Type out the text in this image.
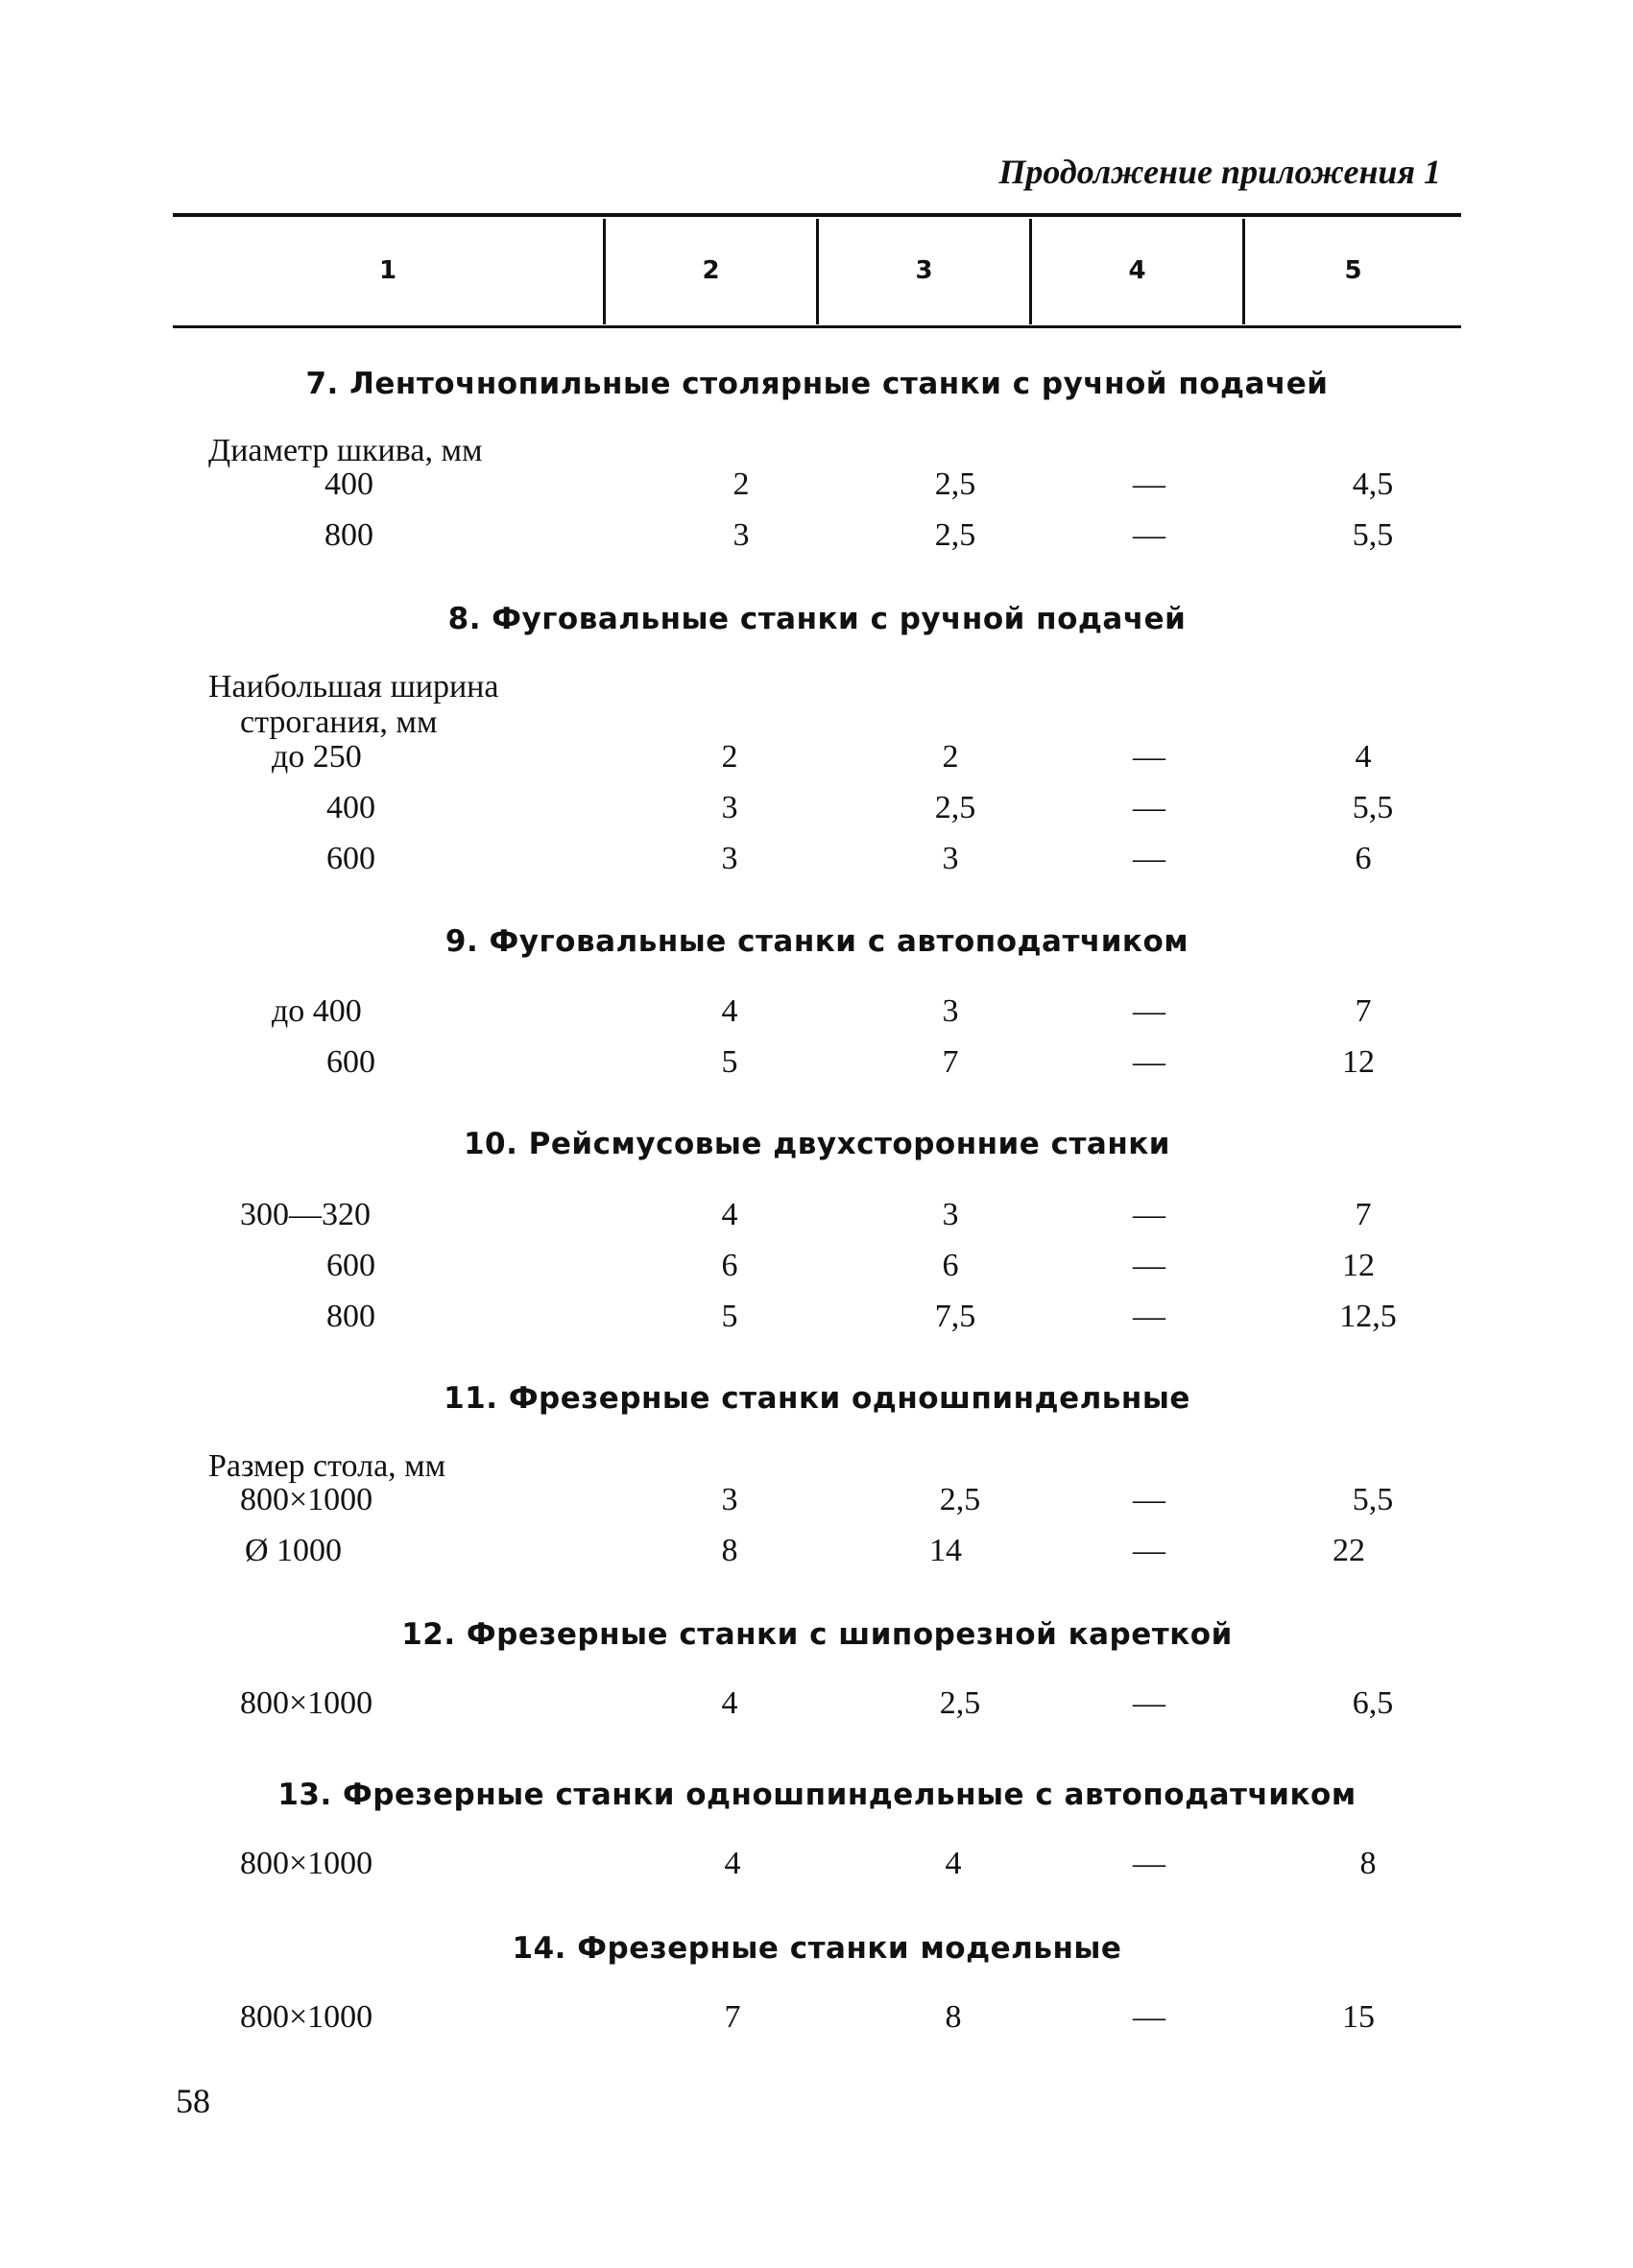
Продолжение приложения 1
1	2	3	4	5
7. Ленточнопильные столярные станки с ручной подачей
Диаметр шкива, мм
400	2	2,5	—	4,5
800	3	2,5	—	5,5
8. Фуговальные станки с ручной подачей
Наибольшая ширина
строгания, мм
до 250	2	2	—	4
400	3	2,5	—	5,5
600	3	3	—	6
9. Фуговальные станки с автоподатчиком
до 400	4	3	—	7
600	5	7	—	12
10. Рейсмусовые двухсторонние станки
300—320	4	3	—	7
600	6	6	—	12
800	5	7,5	—	12,5
11. Фрезерные станки одношпиндельные
Размер стола, мм
800×1000	3	2,5	—	5,5
Ø 1000	8	14	—	22
12. Фрезерные станки с шипорезной кареткой
800×1000	4	2,5	—	6,5
13. Фрезерные станки одношпиндельные с автоподатчиком
800×1000	4	4	—	8
14. Фрезерные станки модельные
800×1000	7	8	—	15
58
